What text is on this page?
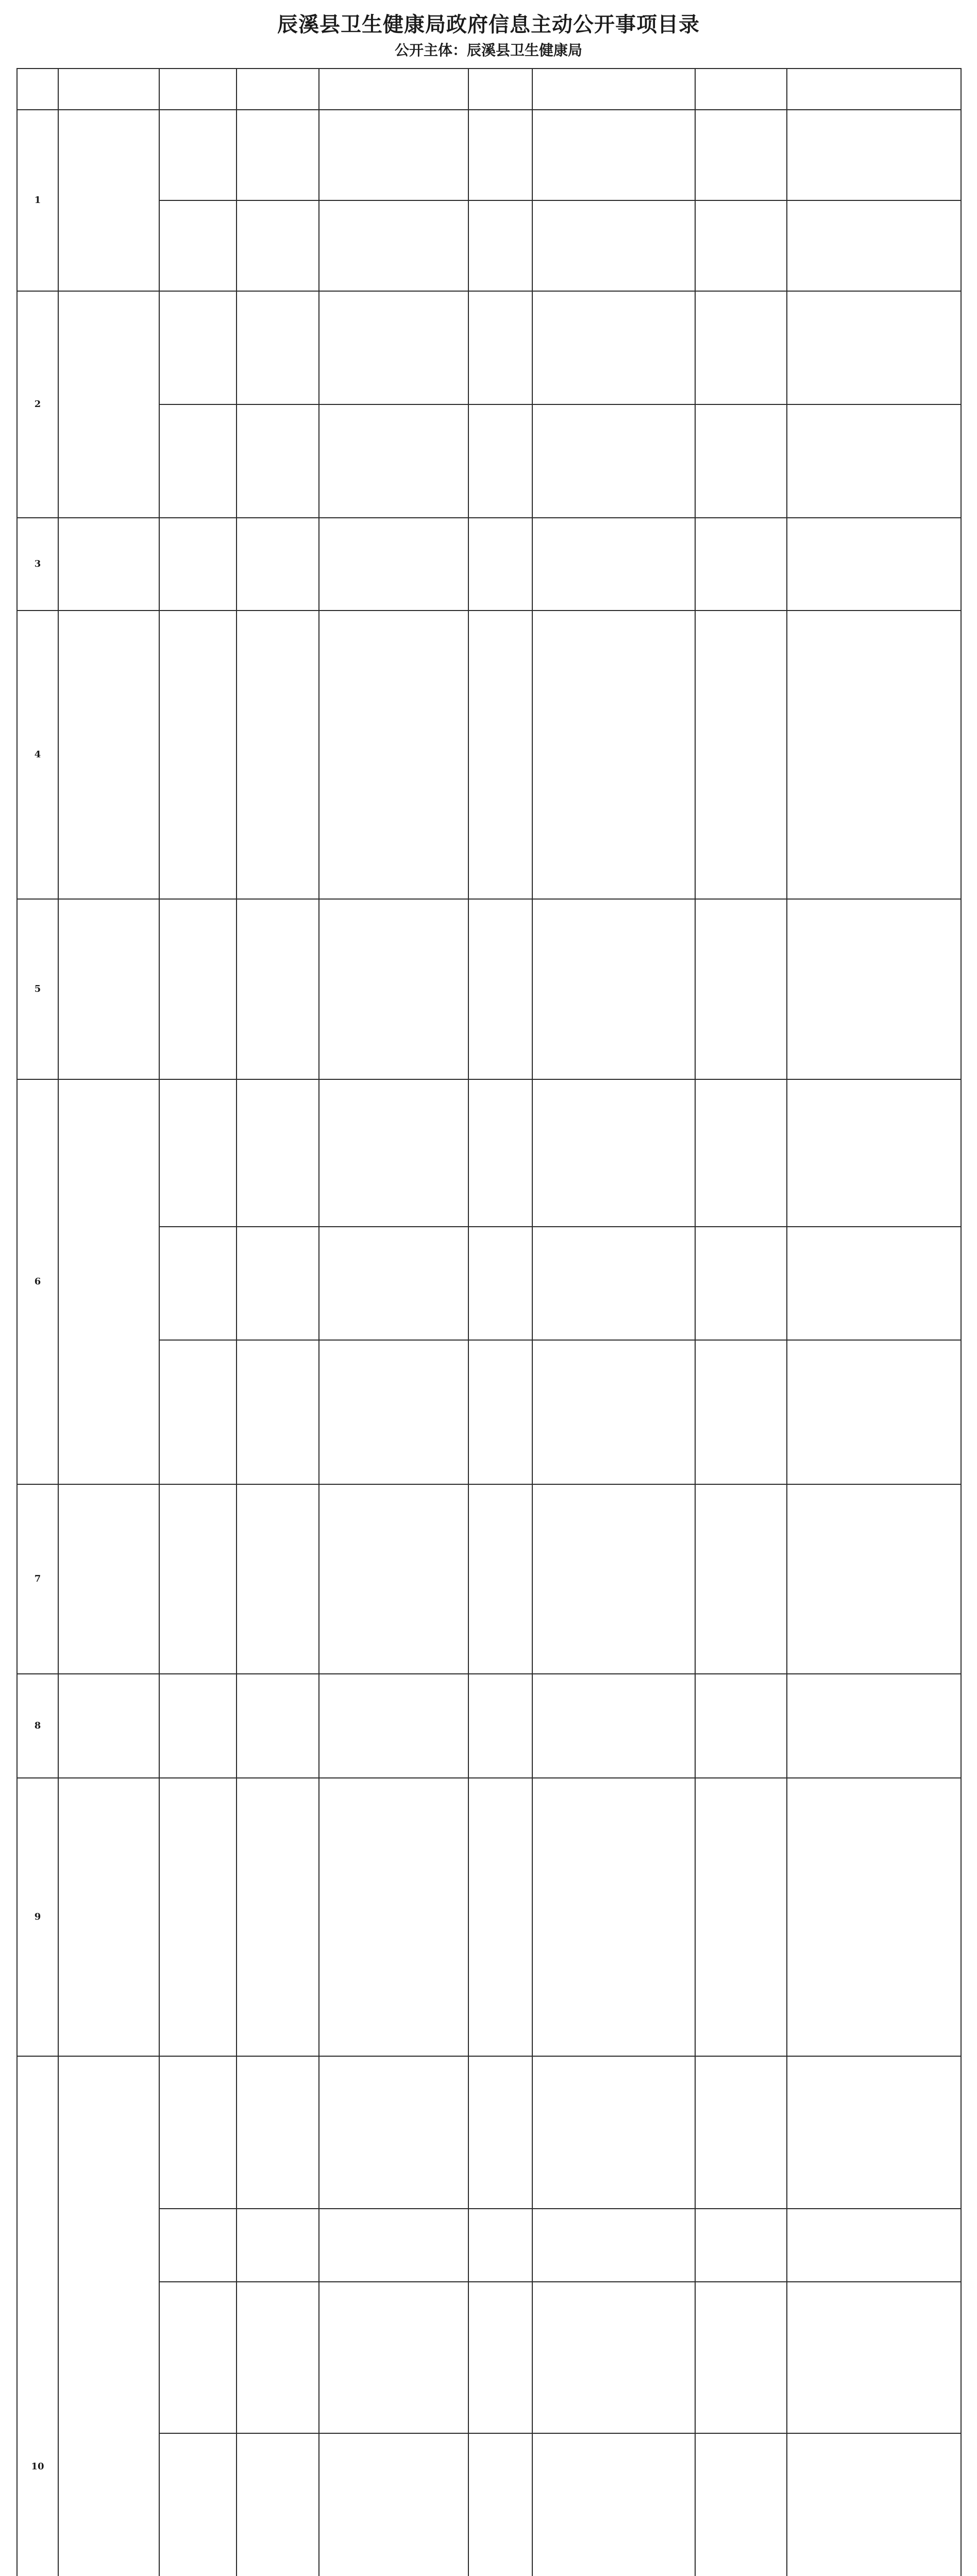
辰溪县卫生健康局政府信息主动公开事项目录
公开主体：辰溪县卫生健康局

1								

2								

3								
4								
5								
6								

7								
8								
9								
10								
